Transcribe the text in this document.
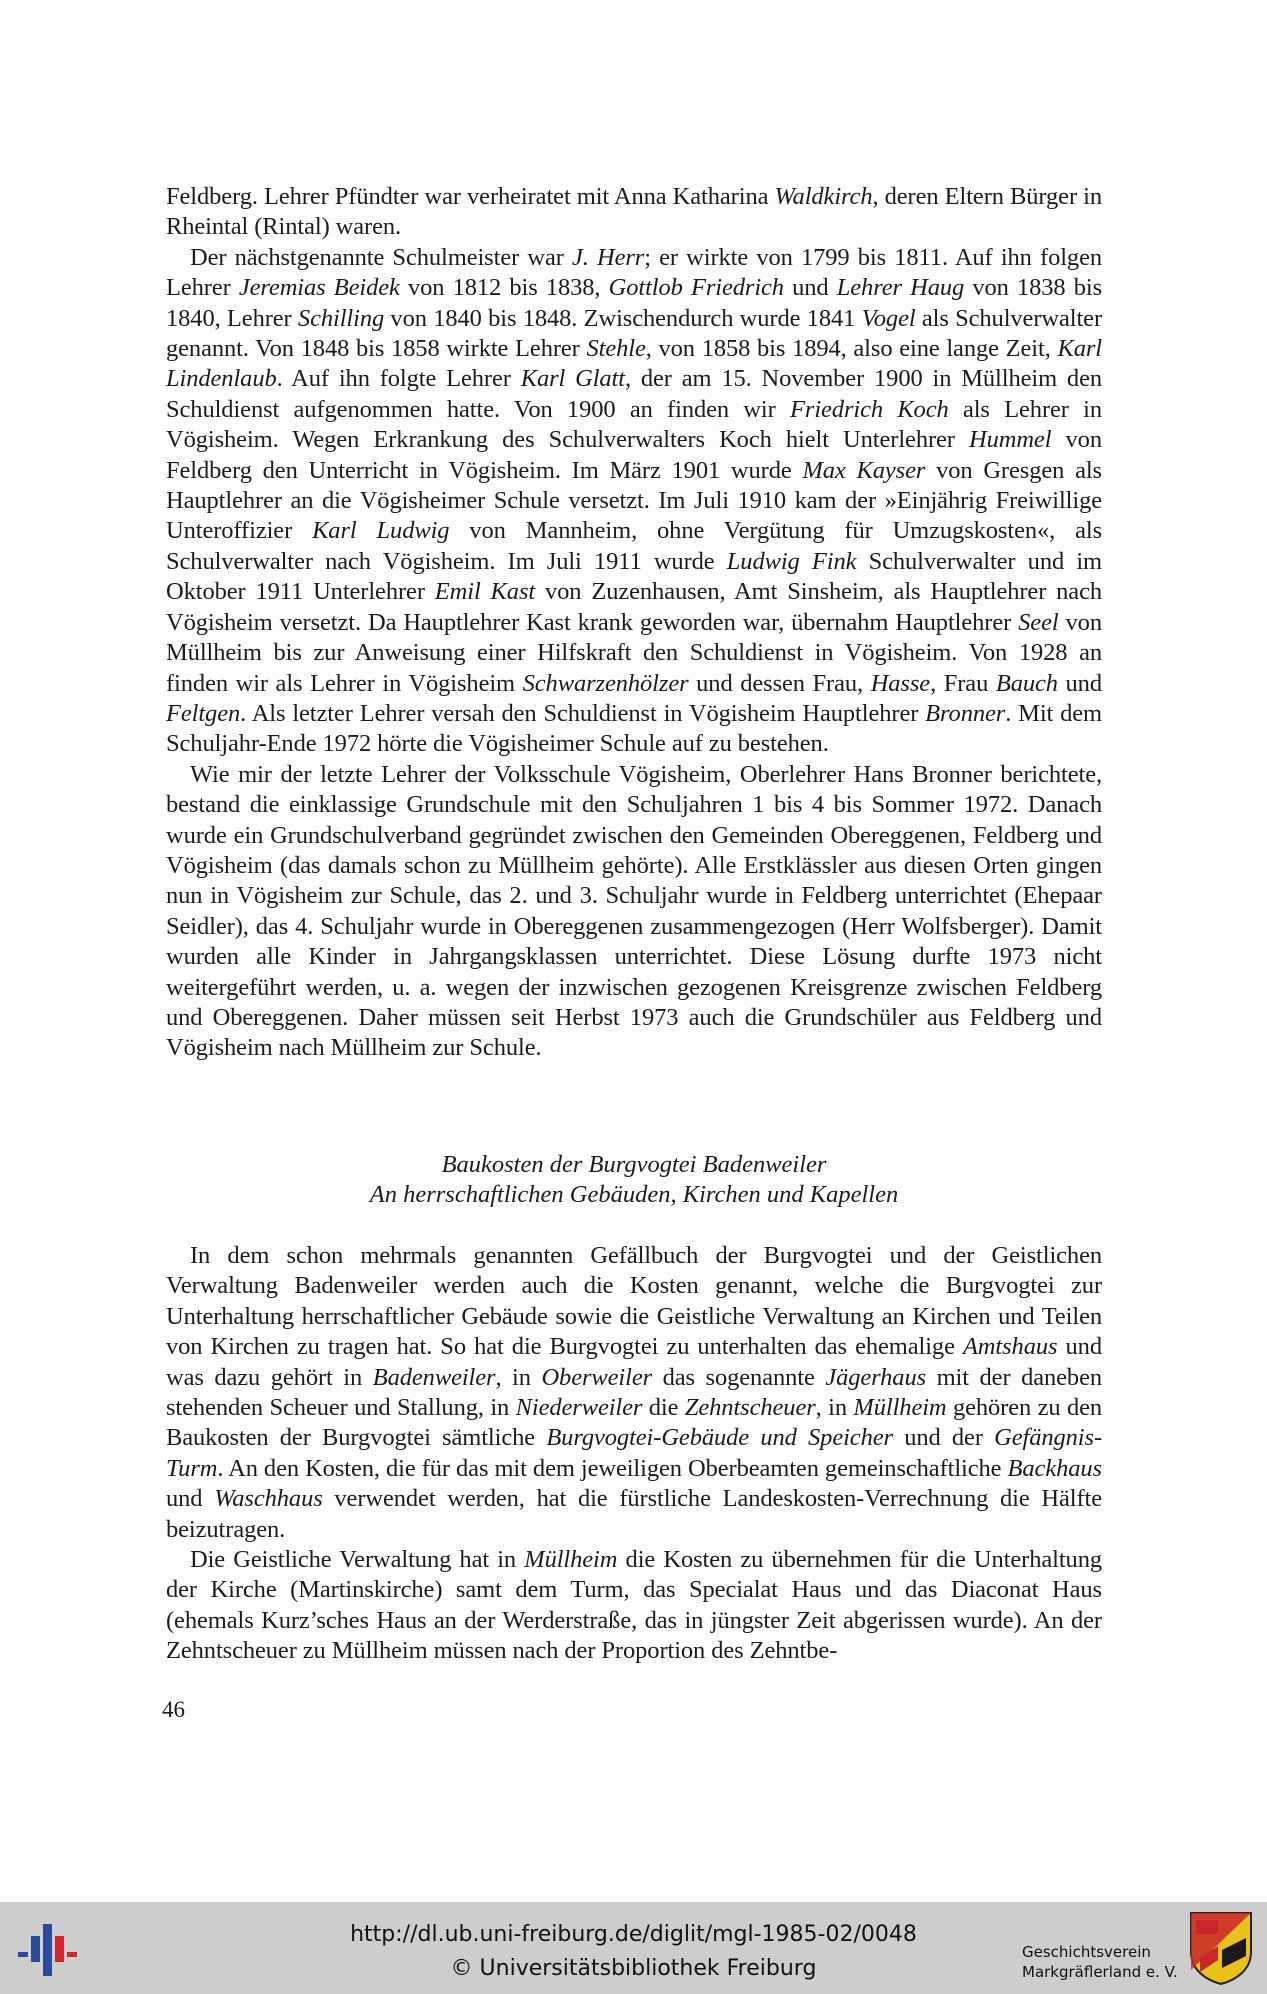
Feldberg. Lehrer Pfündter war verheiratet mit Anna Katharina Waldkirch, deren Eltern Bürger in Rheintal (Rintal) waren.

Der nächstgenannte Schulmeister war J. Herr; er wirkte von 1799 bis 1811. Auf ihn folgen Lehrer Jeremias Beidek von 1812 bis 1838, Gottlob Friedrich und Lehrer Haug von 1838 bis 1840, Lehrer Schilling von 1840 bis 1848. Zwischendurch wurde 1841 Vogel als Schulverwalter genannt. Von 1848 bis 1858 wirkte Lehrer Stehle, von 1858 bis 1894, also eine lange Zeit, Karl Lindenlaub. Auf ihn folgte Lehrer Karl Glatt, der am 15. November 1900 in Müllheim den Schuldienst aufgenommen hatte. Von 1900 an finden wir Friedrich Koch als Lehrer in Vögisheim. Wegen Erkrankung des Schulverwalters Koch hielt Unterlehrer Hummel von Feldberg den Unterricht in Vögisheim. Im März 1901 wurde Max Kayser von Gresgen als Hauptlehrer an die Vögisheimer Schule versetzt. Im Juli 1910 kam der »Einjährig Freiwillige Unteroffizier Karl Ludwig von Mannheim, ohne Vergütung für Umzugskosten«, als Schulverwalter nach Vögisheim. Im Juli 1911 wurde Ludwig Fink Schulverwalter und im Oktober 1911 Unterlehrer Emil Kast von Zuzenhausen, Amt Sinsheim, als Hauptlehrer nach Vögisheim versetzt. Da Hauptlehrer Kast krank geworden war, übernahm Hauptlehrer Seel von Müllheim bis zur Anweisung einer Hilfskraft den Schuldienst in Vögisheim. Von 1928 an finden wir als Lehrer in Vögisheim Schwarzenhölzer und dessen Frau, Hasse, Frau Bauch und Feltgen. Als letzter Lehrer versah den Schuldienst in Vögisheim Hauptlehrer Bronner. Mit dem Schuljahr-Ende 1972 hörte die Vögisheimer Schule auf zu bestehen.

Wie mir der letzte Lehrer der Volksschule Vögisheim, Oberlehrer Hans Bronner berichtete, bestand die einklassige Grundschule mit den Schuljahren 1 bis 4 bis Sommer 1972. Danach wurde ein Grundschulverband gegründet zwischen den Gemeinden Obereggenen, Feldberg und Vögisheim (das damals schon zu Müllheim gehörte). Alle Erstklässler aus diesen Orten gingen nun in Vögisheim zur Schule, das 2. und 3. Schuljahr wurde in Feldberg unterrichtet (Ehepaar Seidler), das 4. Schuljahr wurde in Obereggenen zusammengezogen (Herr Wolfsberger). Damit wurden alle Kinder in Jahrgangsklassen unterrichtet. Diese Lösung durfte 1973 nicht weitergeführt werden, u. a. wegen der inzwischen gezogenen Kreisgrenze zwischen Feldberg und Obereggenen. Daher müssen seit Herbst 1973 auch die Grundschüler aus Feldberg und Vögisheim nach Müllheim zur Schule.

Baukosten der Burgvogtei Badenweiler
An herrschaftlichen Gebäuden, Kirchen und Kapellen

In dem schon mehrmals genannten Gefällbuch der Burgvogtei und der Geistlichen Verwaltung Badenweiler werden auch die Kosten genannt, welche die Burgvogtei zur Unterhaltung herrschaftlicher Gebäude sowie die Geistliche Verwaltung an Kirchen und Teilen von Kirchen zu tragen hat. So hat die Burgvogtei zu unterhalten das ehemalige Amtshaus und was dazu gehört in Badenweiler, in Oberweiler das sogenannte Jägerhaus mit der daneben stehenden Scheuer und Stallung, in Niederweiler die Zehntscheuer, in Müllheim gehören zu den Baukosten der Burgvogtei sämtliche Burgvogtei-Gebäude und Speicher und der Gefängnis-Turm. An den Kosten, die für das mit dem jeweiligen Oberbeamten gemeinschaftliche Backhaus und Waschhaus verwendet werden, hat die fürstliche Landeskosten-Verrechnung die Hälfte beizutragen.

Die Geistliche Verwaltung hat in Müllheim die Kosten zu übernehmen für die Unterhaltung der Kirche (Martinskirche) samt dem Turm, das Specialat Haus und das Diaconat Haus (ehemals Kurz’sches Haus an der Werderstraße, das in jüngster Zeit abgerissen wurde). An der Zehntscheuer zu Müllheim müssen nach der Proportion des Zehntbe-

46
http://dl.ub.uni-freiburg.de/diglit/mgl-1985-02/0048
© Universitätsbibliothek Freiburg
Geschichtsverein
Markgräflerland e. V.
